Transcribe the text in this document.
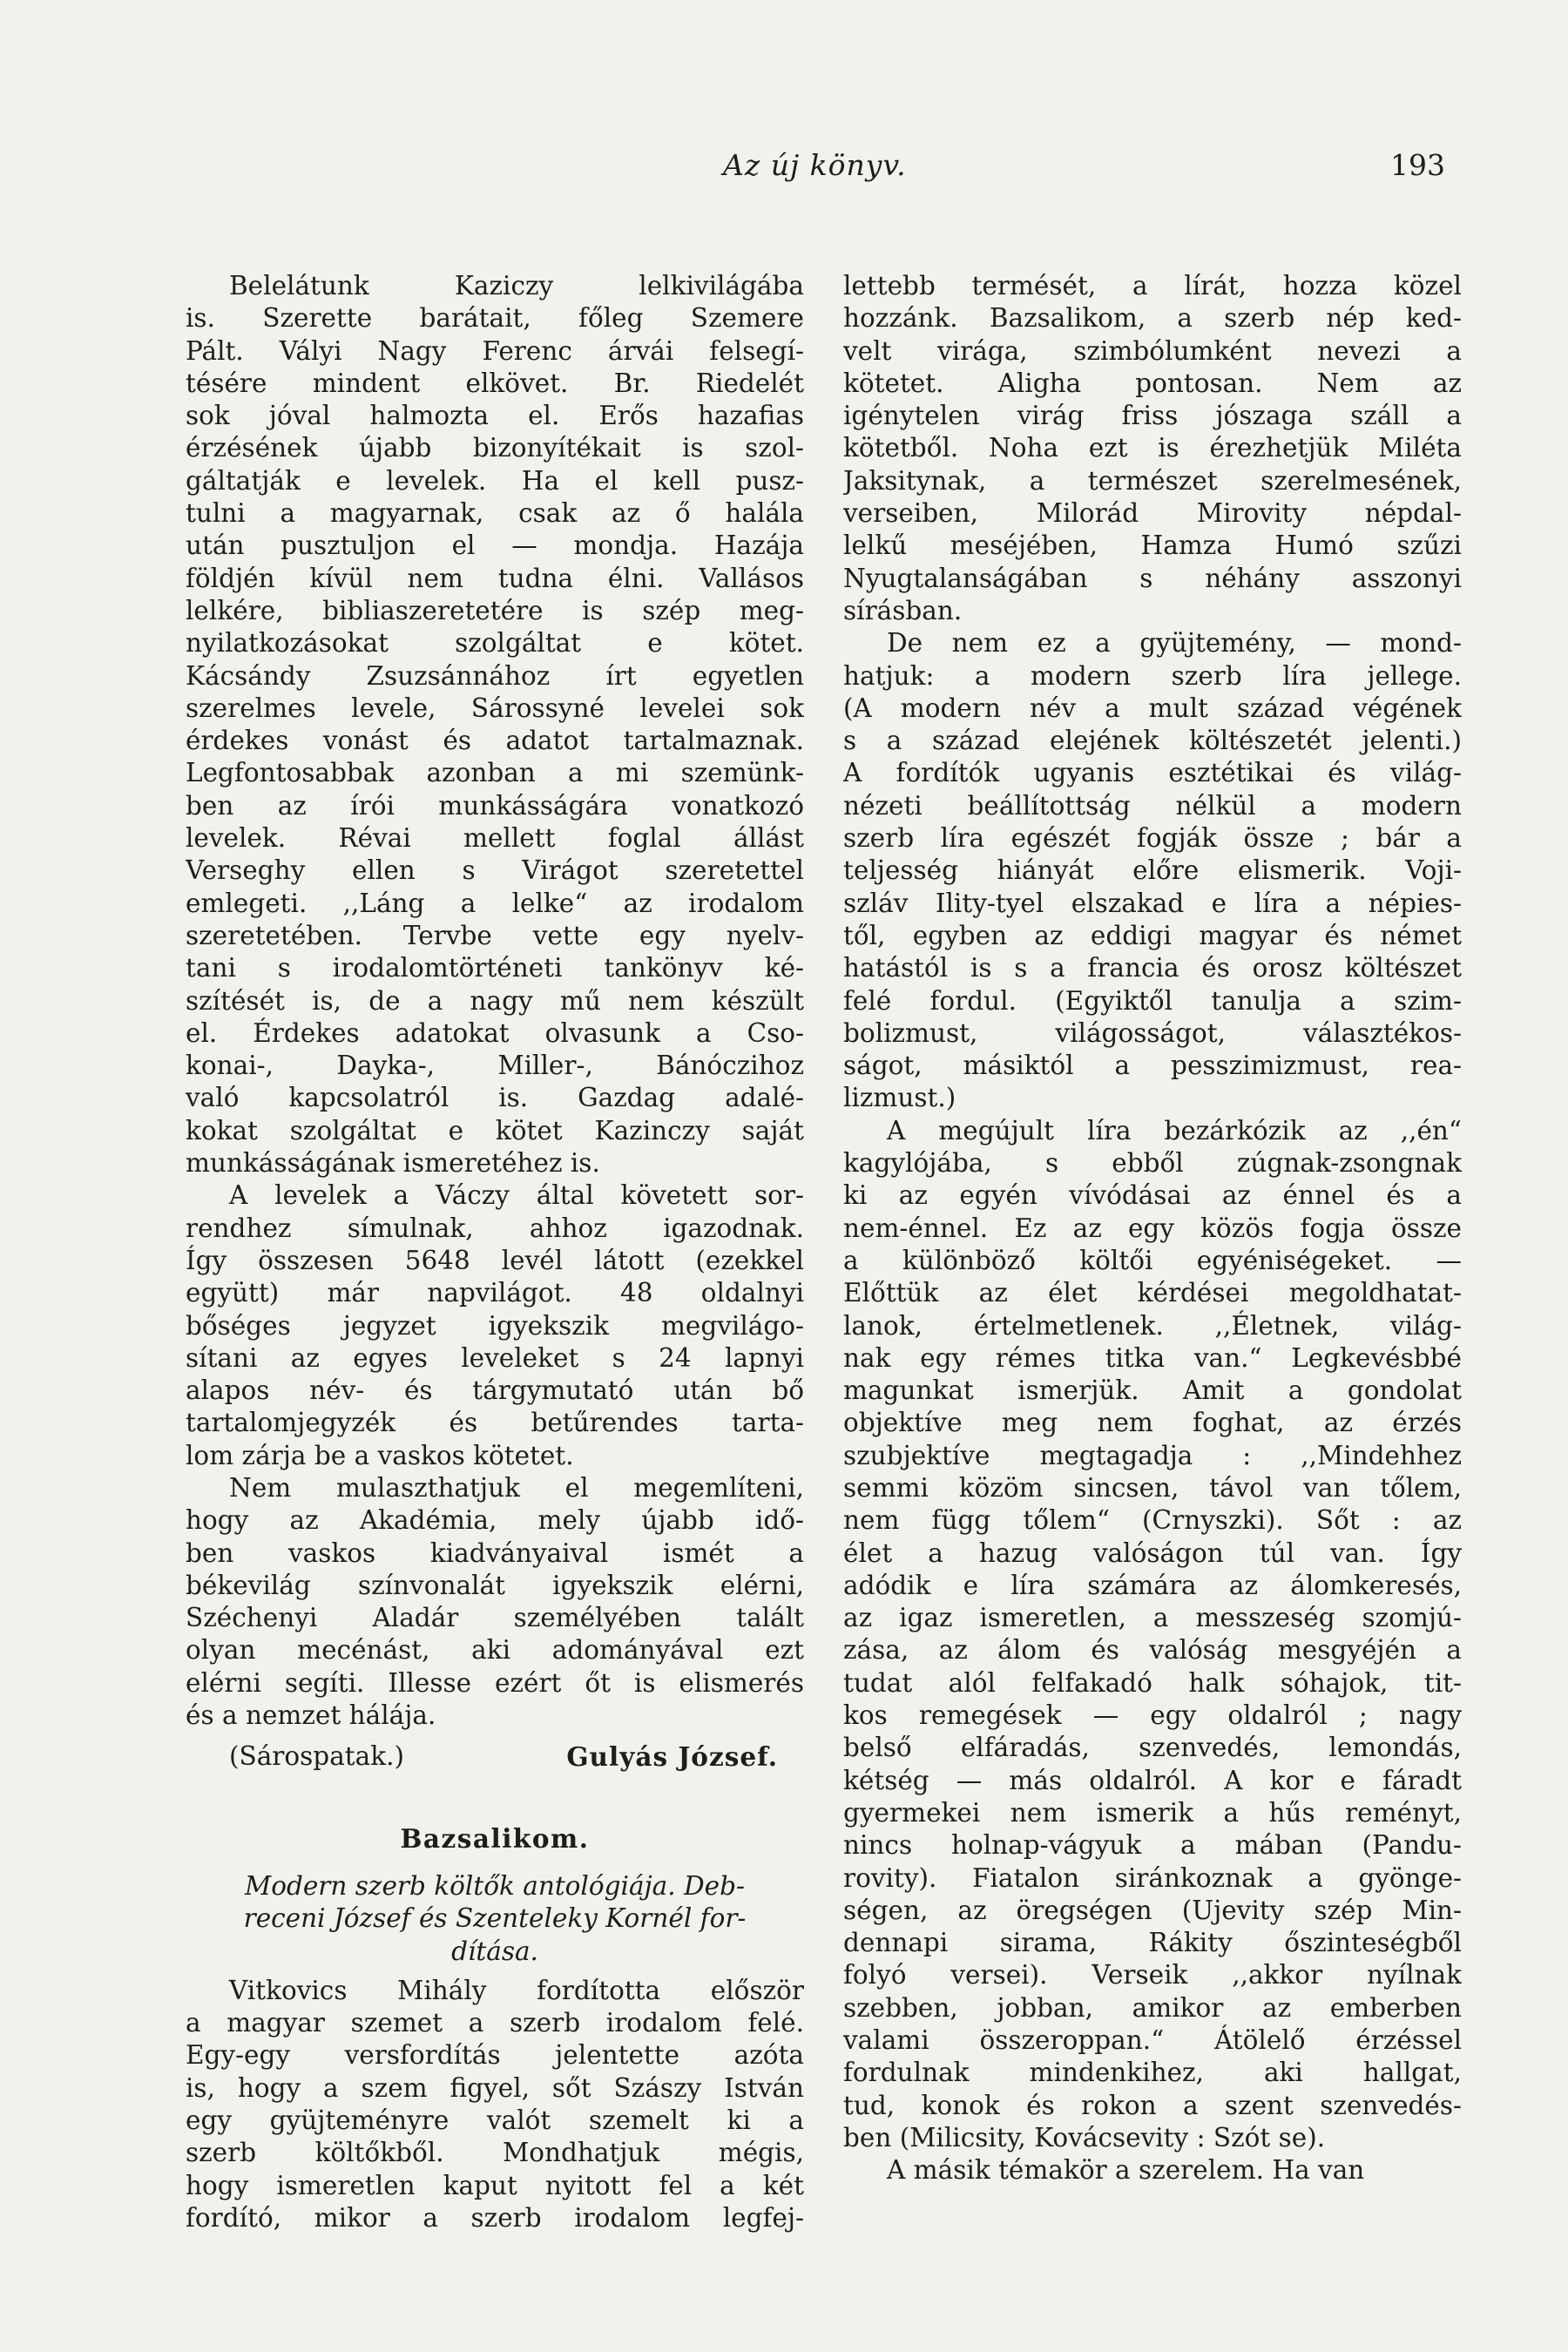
Az új könyv.	193
Belelátunk Kaziczy lelkivilágába
is. Szerette barátait, főleg Szemere
Pált. Vályi Nagy Ferenc árvái felsegí-
tésére mindent elkövet. Br. Riedelét
sok jóval halmozta el. Erős hazafias
érzésének újabb bizonyítékait is szol-
gáltatják e levelek. Ha el kell pusz-
tulni a magyarnak, csak az ő halála
után pusztuljon el — mondja. Hazája
földjén kívül nem tudna élni. Vallásos
lelkére, bibliaszeretetére is szép meg-
nyilatkozásokat szolgáltat e kötet.
Kácsándy Zsuzsánnához írt egyetlen
szerelmes levele, Sárossyné levelei sok
érdekes vonást és adatot tartalmaznak.
Legfontosabbak azonban a mi szemünk-
ben az írói munkásságára vonatkozó
levelek. Révai mellett foglal állást
Verseghy ellen s Virágot szeretettel
emlegeti. ,,Láng a lelke“ az irodalom
szeretetében. Tervbe vette egy nyelv-
tani s irodalomtörténeti tankönyv ké-
szítését is, de a nagy mű nem készült
el. Érdekes adatokat olvasunk a Cso-
konai-, Dayka-, Miller-, Bánóczihoz
való kapcsolatról is. Gazdag adalé-
kokat szolgáltat e kötet Kazinczy saját
munkásságának ismeretéhez is.
A levelek a Váczy által követett sor-
rendhez símulnak, ahhoz igazodnak.
Így összesen 5648 levél látott (ezekkel
együtt) már napvilágot. 48 oldalnyi
bőséges jegyzet igyekszik megvilágo-
sítani az egyes leveleket s 24 lapnyi
alapos név- és tárgymutató után bő
tartalomjegyzék és betűrendes tarta-
lom zárja be a vaskos kötetet.
Nem mulaszthatjuk el megemlíteni,
hogy az Akadémia, mely újabb idő-
ben vaskos kiadványaival ismét a
békevilág színvonalát igyekszik elérni,
Széchenyi Aladár személyében talált
olyan mecénást, aki adományával ezt
elérni segíti. Illesse ezért őt is elismerés
és a nemzet hálája.
(Sárospatak.)	Gulyás József.
Bazsalikom.
Modern szerb költők antológiája. Deb-
receni József és Szenteleky Kornél for-
dítása.
Vitkovics Mihály fordította először
a magyar szemet a szerb irodalom felé.
Egy-egy versfordítás jelentette azóta
is, hogy a szem figyel, sőt Szászy István
egy gyüjteményre valót szemelt ki a
szerb költőkből. Mondhatjuk mégis,
hogy ismeretlen kaput nyitott fel a két
fordító, mikor a szerb irodalom legfej-
lettebb termését, a lírát, hozza közel
hozzánk. Bazsalikom, a szerb nép ked-
velt virága, szimbólumként nevezi a
kötetet. Aligha pontosan. Nem az
igénytelen virág friss jószaga száll a
kötetből. Noha ezt is érezhetjük Miléta
Jaksitynak, a természet szerelmesének,
verseiben, Milorád Mirovity népdal-
lelkű meséjében, Hamza Humó szűzi
Nyugtalanságában s néhány asszonyi
sírásban.
De nem ez a gyüjtemény, — mond-
hatjuk: a modern szerb líra jellege.
(A modern név a mult század végének
s a század elejének költészetét jelenti.)
A fordítók ugyanis esztétikai és világ-
nézeti beállítottság nélkül a modern
szerb líra egészét fogják össze ; bár a
teljesség hiányát előre elismerik. Voji-
szláv Ility-tyel elszakad e líra a népies-
től, egyben az eddigi magyar és német
hatástól is s a francia és orosz költészet
felé fordul. (Egyiktől tanulja a szim-
bolizmust, világosságot, választékos-
ságot, másiktól a pesszimizmust, rea-
lizmust.)
A megújult líra bezárkózik az ,,én“
kagylójába, s ebből zúgnak-zsongnak
ki az egyén vívódásai az énnel és a
nem-énnel. Ez az egy közös fogja össze
a különböző költői egyéniségeket. —
Előttük az élet kérdései megoldhatat-
lanok, értelmetlenek. ,,Életnek, világ-
nak egy rémes titka van.“ Legkevésbbé
magunkat ismerjük. Amit a gondolat
objektíve meg nem foghat, az érzés
szubjektíve megtagadja : ,,Mindehhez
semmi közöm sincsen, távol van tőlem,
nem függ tőlem“ (Crnyszki). Sőt : az
élet a hazug valóságon túl van. Így
adódik e líra számára az álomkeresés,
az igaz ismeretlen, a messzeség szomjú-
zása, az álom és valóság mesgyéjén a
tudat alól felfakadó halk sóhajok, tit-
kos remegések — egy oldalról ; nagy
belső elfáradás, szenvedés, lemondás,
kétség — más oldalról. A kor e fáradt
gyermekei nem ismerik a hűs reményt,
nincs holnap-vágyuk a mában (Pandu-
rovity). Fiatalon siránkoznak a gyönge-
ségen, az öregségen (Ujevity szép Min-
dennapi sirama, Rákity őszinteségből
folyó versei). Verseik ,,akkor nyílnak
szebben, jobban, amikor az emberben
valami összeroppan.“ Átölelő érzéssel
fordulnak mindenkihez, aki hallgat,
tud, konok és rokon a szent szenvedés-
ben (Milicsity, Kovácsevity : Szót se).
A másik témakör a szerelem. Ha van
